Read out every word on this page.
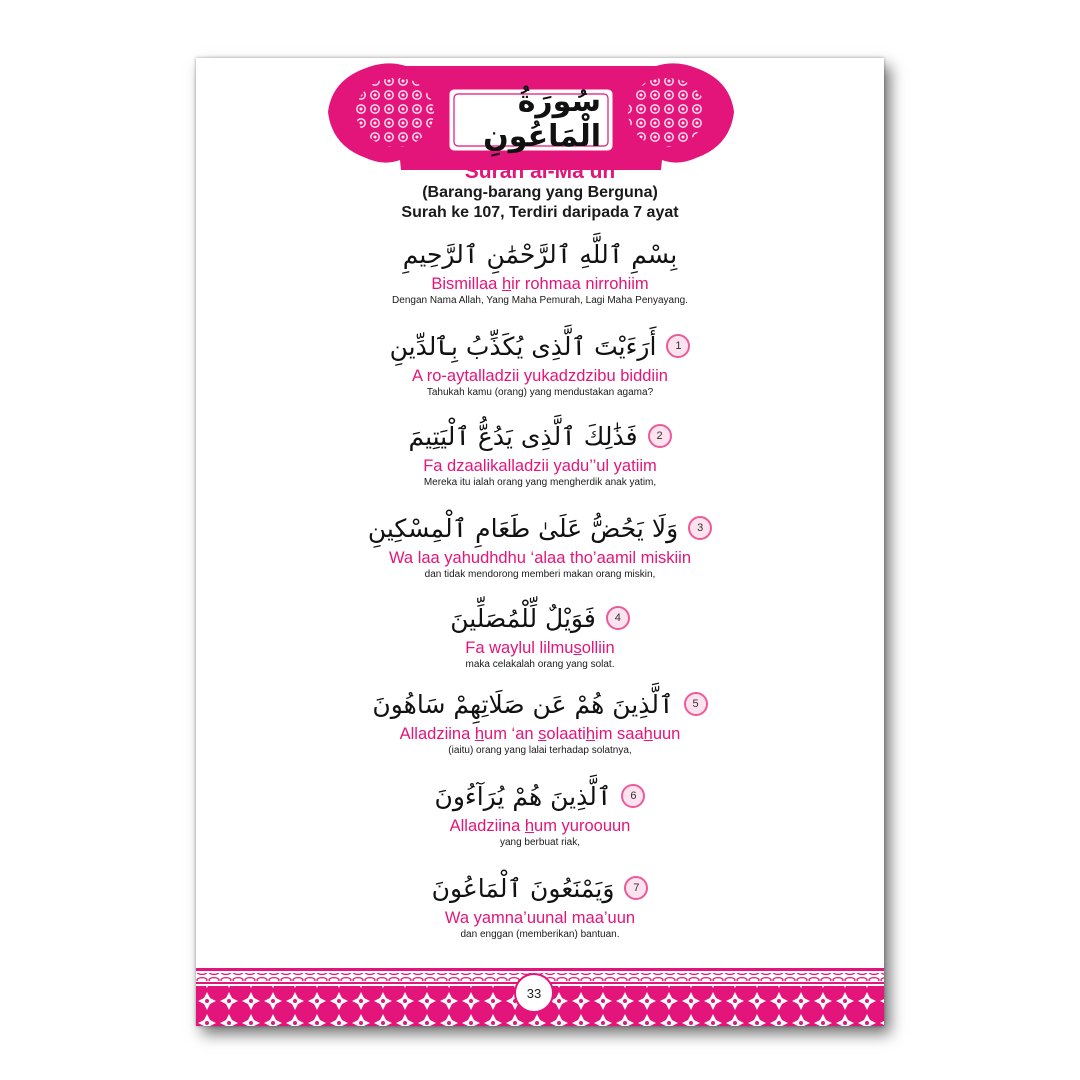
سُورَةُ الْمَاعُونِ
Surah al-Ma’un
(Barang-barang yang Berguna)
Surah ke 107, Terdiri daripada 7 ayat
بِسْمِ ٱللَّهِ ٱلرَّحْمَٰنِ ٱلرَّحِيمِ
Bismillaa hir rohmaa nirrohiim
Dengan Nama Allah, Yang Maha Pemurah, Lagi Maha Penyayang.
أَرَءَيْتَ ٱلَّذِى يُكَذِّبُ بِٱلدِّينِ	1
A ro-aytalladzii yukadzdzibu biddiin
Tahukah kamu (orang) yang mendustakan agama?
فَذَٰلِكَ ٱلَّذِى يَدُعُّ ٱلْيَتِيمَ	2
Fa dzaalikalladzii yadu’’ul yatiim
Mereka itu ialah orang yang mengherdik anak yatim,
وَلَا يَحُضُّ عَلَىٰ طَعَامِ ٱلْمِسْكِينِ	3
Wa laa yahudhdhu ‘alaa tho’aamil miskiin
dan tidak mendorong memberi makan orang miskin,
فَوَيْلٌ لِّلْمُصَلِّينَ	4
Fa waylul lilmusolliin
maka celakalah orang yang solat.
ٱلَّذِينَ هُمْ عَن صَلَاتِهِمْ سَاهُونَ	5
Alladziina hum ‘an solaatihim saahuun
(iaitu) orang yang lalai terhadap solatnya,
ٱلَّذِينَ هُمْ يُرَآءُونَ	6
Alladziina hum yuroouun
yang berbuat riak,
وَيَمْنَعُونَ ٱلْمَاعُونَ	7
Wa yamna’uunal maa’uun
dan enggan (memberikan) bantuan.
33
